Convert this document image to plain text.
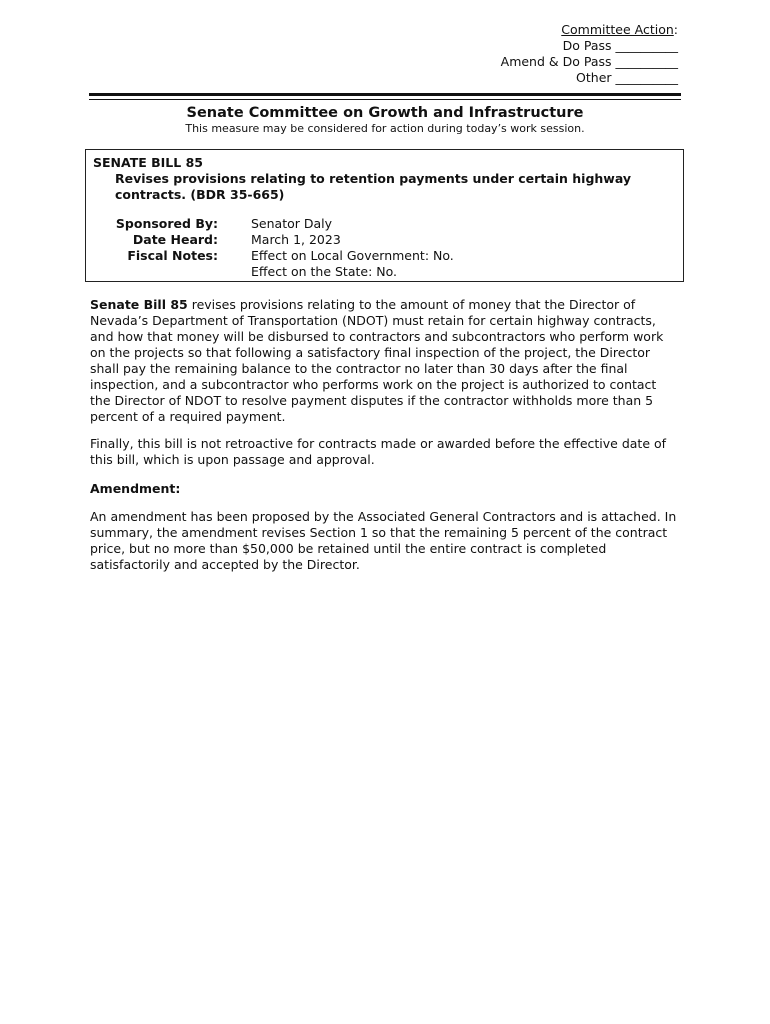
Committee Action:
Do Pass __________
Amend & Do Pass __________
Other __________
Senate Committee on Growth and Infrastructure
This measure may be considered for action during today’s work session.
SENATE BILL 85
Revises provisions relating to retention payments under certain highway contracts. (BDR 35-665)
Sponsored By:
Date Heard:
Fiscal Notes:
Senator Daly
March 1, 2023
Effect on Local Government: No.
Effect on the State: No.
Senate Bill 85 revises provisions relating to the amount of money that the Director of Nevada’s Department of Transportation (NDOT) must retain for certain highway contracts, and how that money will be disbursed to contractors and subcontractors who perform work on the projects so that following a satisfactory final inspection of the project, the Director shall pay the remaining balance to the contractor no later than 30 days after the final inspection, and a subcontractor who performs work on the project is authorized to contact the Director of NDOT to resolve payment disputes if the contractor withholds more than 5 percent of a required payment.
Finally, this bill is not retroactive for contracts made or awarded before the effective date of this bill, which is upon passage and approval.
Amendment:
An amendment has been proposed by the Associated General Contractors and is attached. In summary, the amendment revises Section 1 so that the remaining 5 percent of the contract price, but no more than $50,000 be retained until the entire contract is completed satisfactorily and accepted by the Director.
